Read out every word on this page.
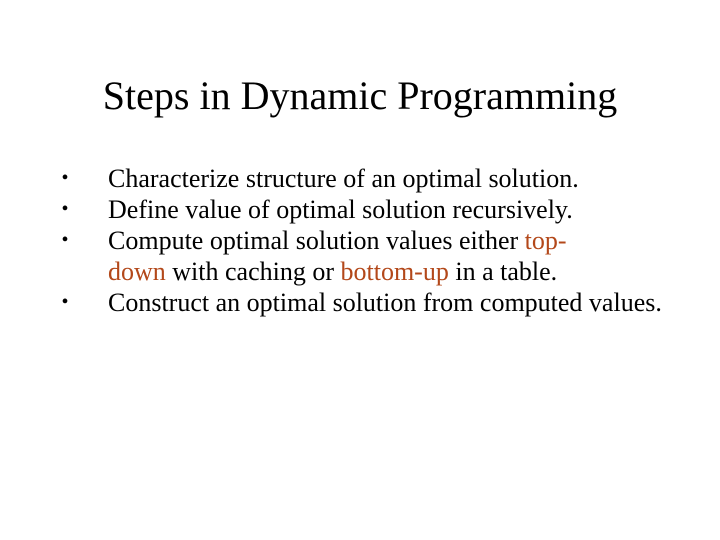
Steps in Dynamic Programming
• Characterize structure of an optimal solution.
• Define value of optimal solution recursively.
• Compute optimal solution values either top-
down with caching or bottom-up in a table.
• Construct an optimal solution from computed values.
